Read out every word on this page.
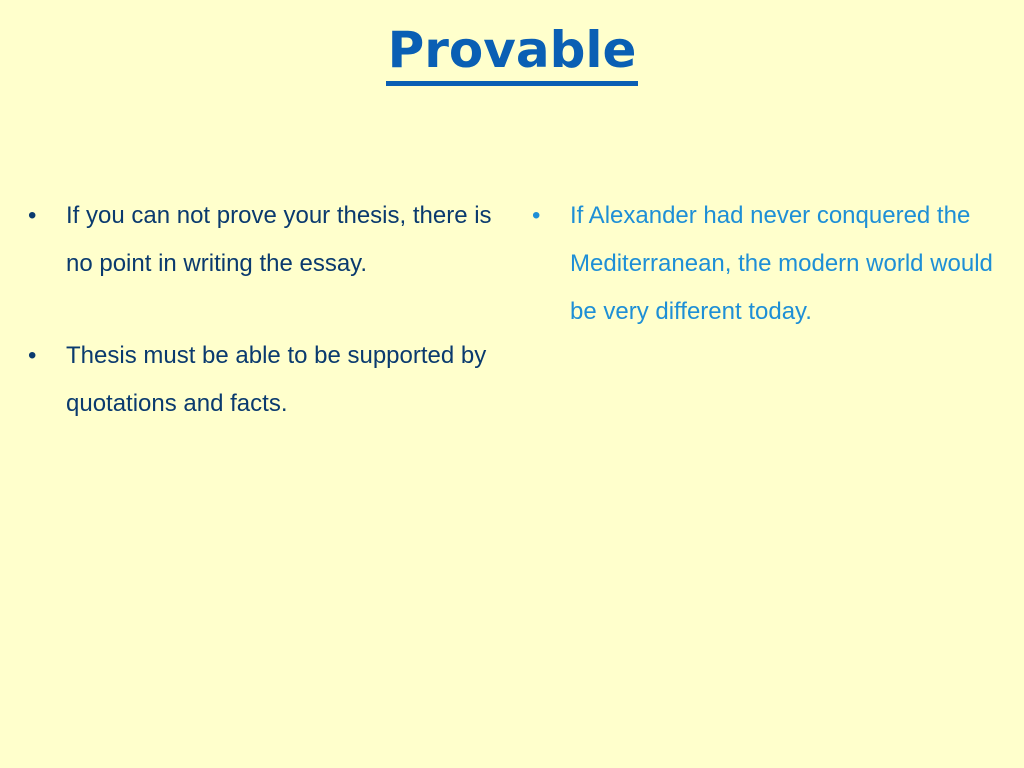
Provable
•	If you can not prove your thesis, there is no point in writing the essay.
•	Thesis must be able to be supported by quotations and facts.
•	If Alexander had never conquered the Mediterranean, the modern world would be very different today.
